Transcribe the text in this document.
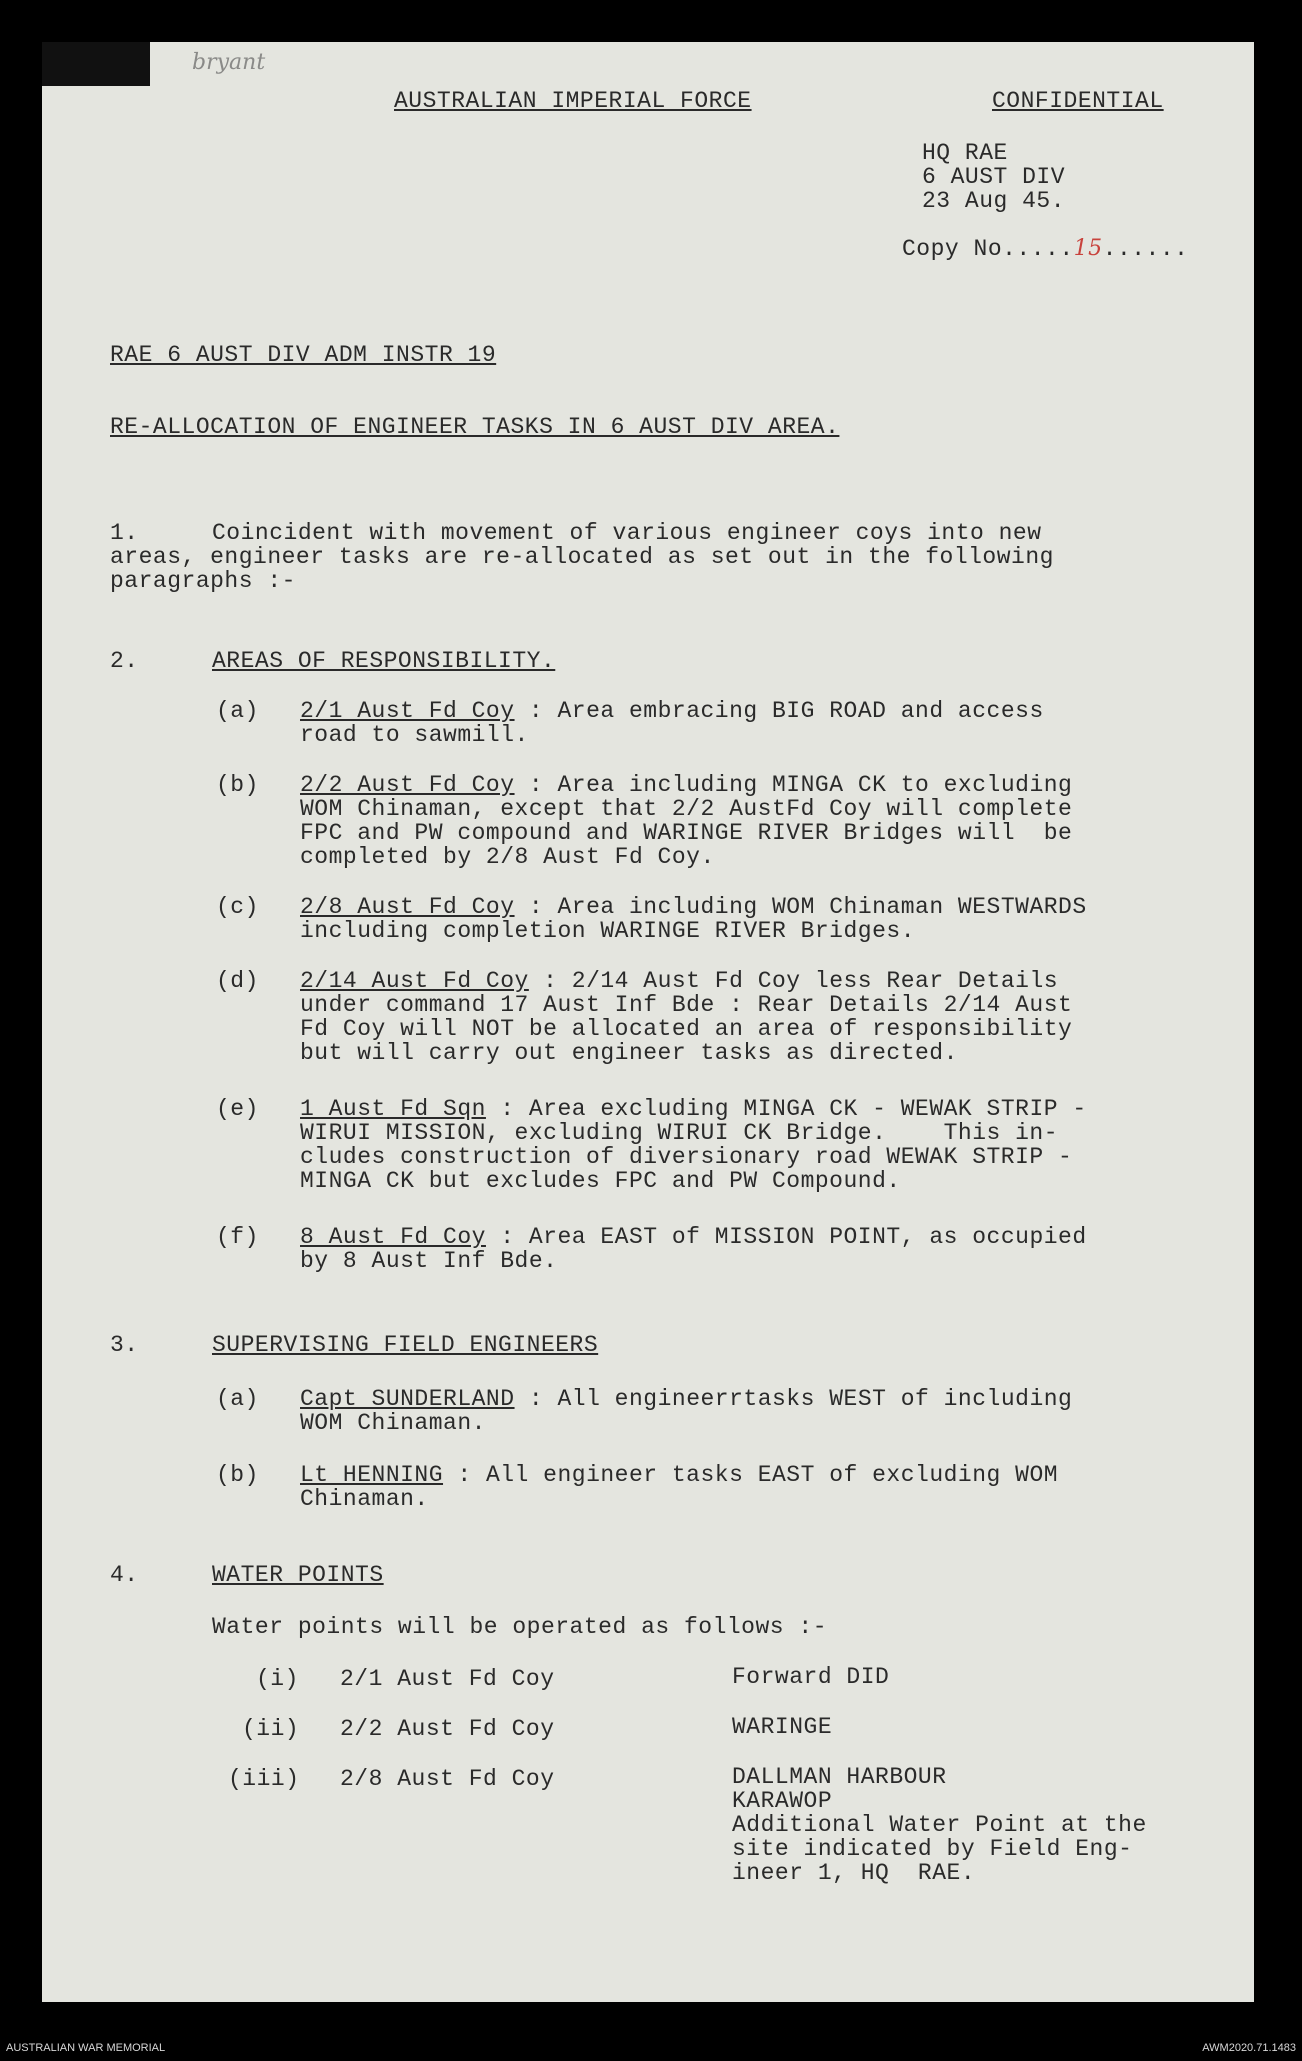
bryant
AUSTRALIAN IMPERIAL FORCE	CONFIDENTIAL
HQ RAE
6 AUST DIV
23 Aug 45.
Copy No.....15......
RAE 6 AUST DIV ADM INSTR 19
RE-ALLOCATION OF ENGINEER TASKS IN 6 AUST DIV AREA.
1.	Coincident with movement of various engineer coys into new
areas, engineer tasks are re-allocated as set out in the following
paragraphs :-
2.	AREAS OF RESPONSIBILITY.
(a) 2/1 Aust Fd Coy : Area embracing BIG ROAD and access
road to sawmill.
(b) 2/2 Aust Fd Coy : Area including MINGA CK to excluding
WOM Chinaman, except that 2/2 AustFd Coy will complete
FPC and PW compound and WARINGE RIVER Bridges will  be
completed by 2/8 Aust Fd Coy.
(c) 2/8 Aust Fd Coy : Area including WOM Chinaman WESTWARDS
including completion WARINGE RIVER Bridges.
(d) 2/14 Aust Fd Coy : 2/14 Aust Fd Coy less Rear Details
under command 17 Aust Inf Bde : Rear Details 2/14 Aust
Fd Coy will NOT be allocated an area of responsibility
but will carry out engineer tasks as directed.
(e) 1 Aust Fd Sqn : Area excluding MINGA CK - WEWAK STRIP -
WIRUI MISSION, excluding WIRUI CK Bridge.    This in-
cludes construction of diversionary road WEWAK STRIP -
MINGA CK but excludes FPC and PW Compound.
(f) 8 Aust Fd Coy : Area EAST of MISSION POINT, as occupied
by 8 Aust Inf Bde.
3.	SUPERVISING FIELD ENGINEERS
(a) Capt SUNDERLAND : All engineerrtasks WEST of including
WOM Chinaman.
(b) Lt HENNING : All engineer tasks EAST of excluding WOM
Chinaman.
4.	WATER POINTS
Water points will be operated as follows :-
(i) 2/1 Aust Fd Coy	Forward DID
(ii) 2/2 Aust Fd Coy	WARINGE
(iii) 2/8 Aust Fd Coy	DALLMAN HARBOUR
KARAWOP
Additional Water Point at the
site indicated by Field Eng-
ineer 1, HQ  RAE.
AUSTRALIAN WAR MEMORIAL	AWM2020.71.1483
